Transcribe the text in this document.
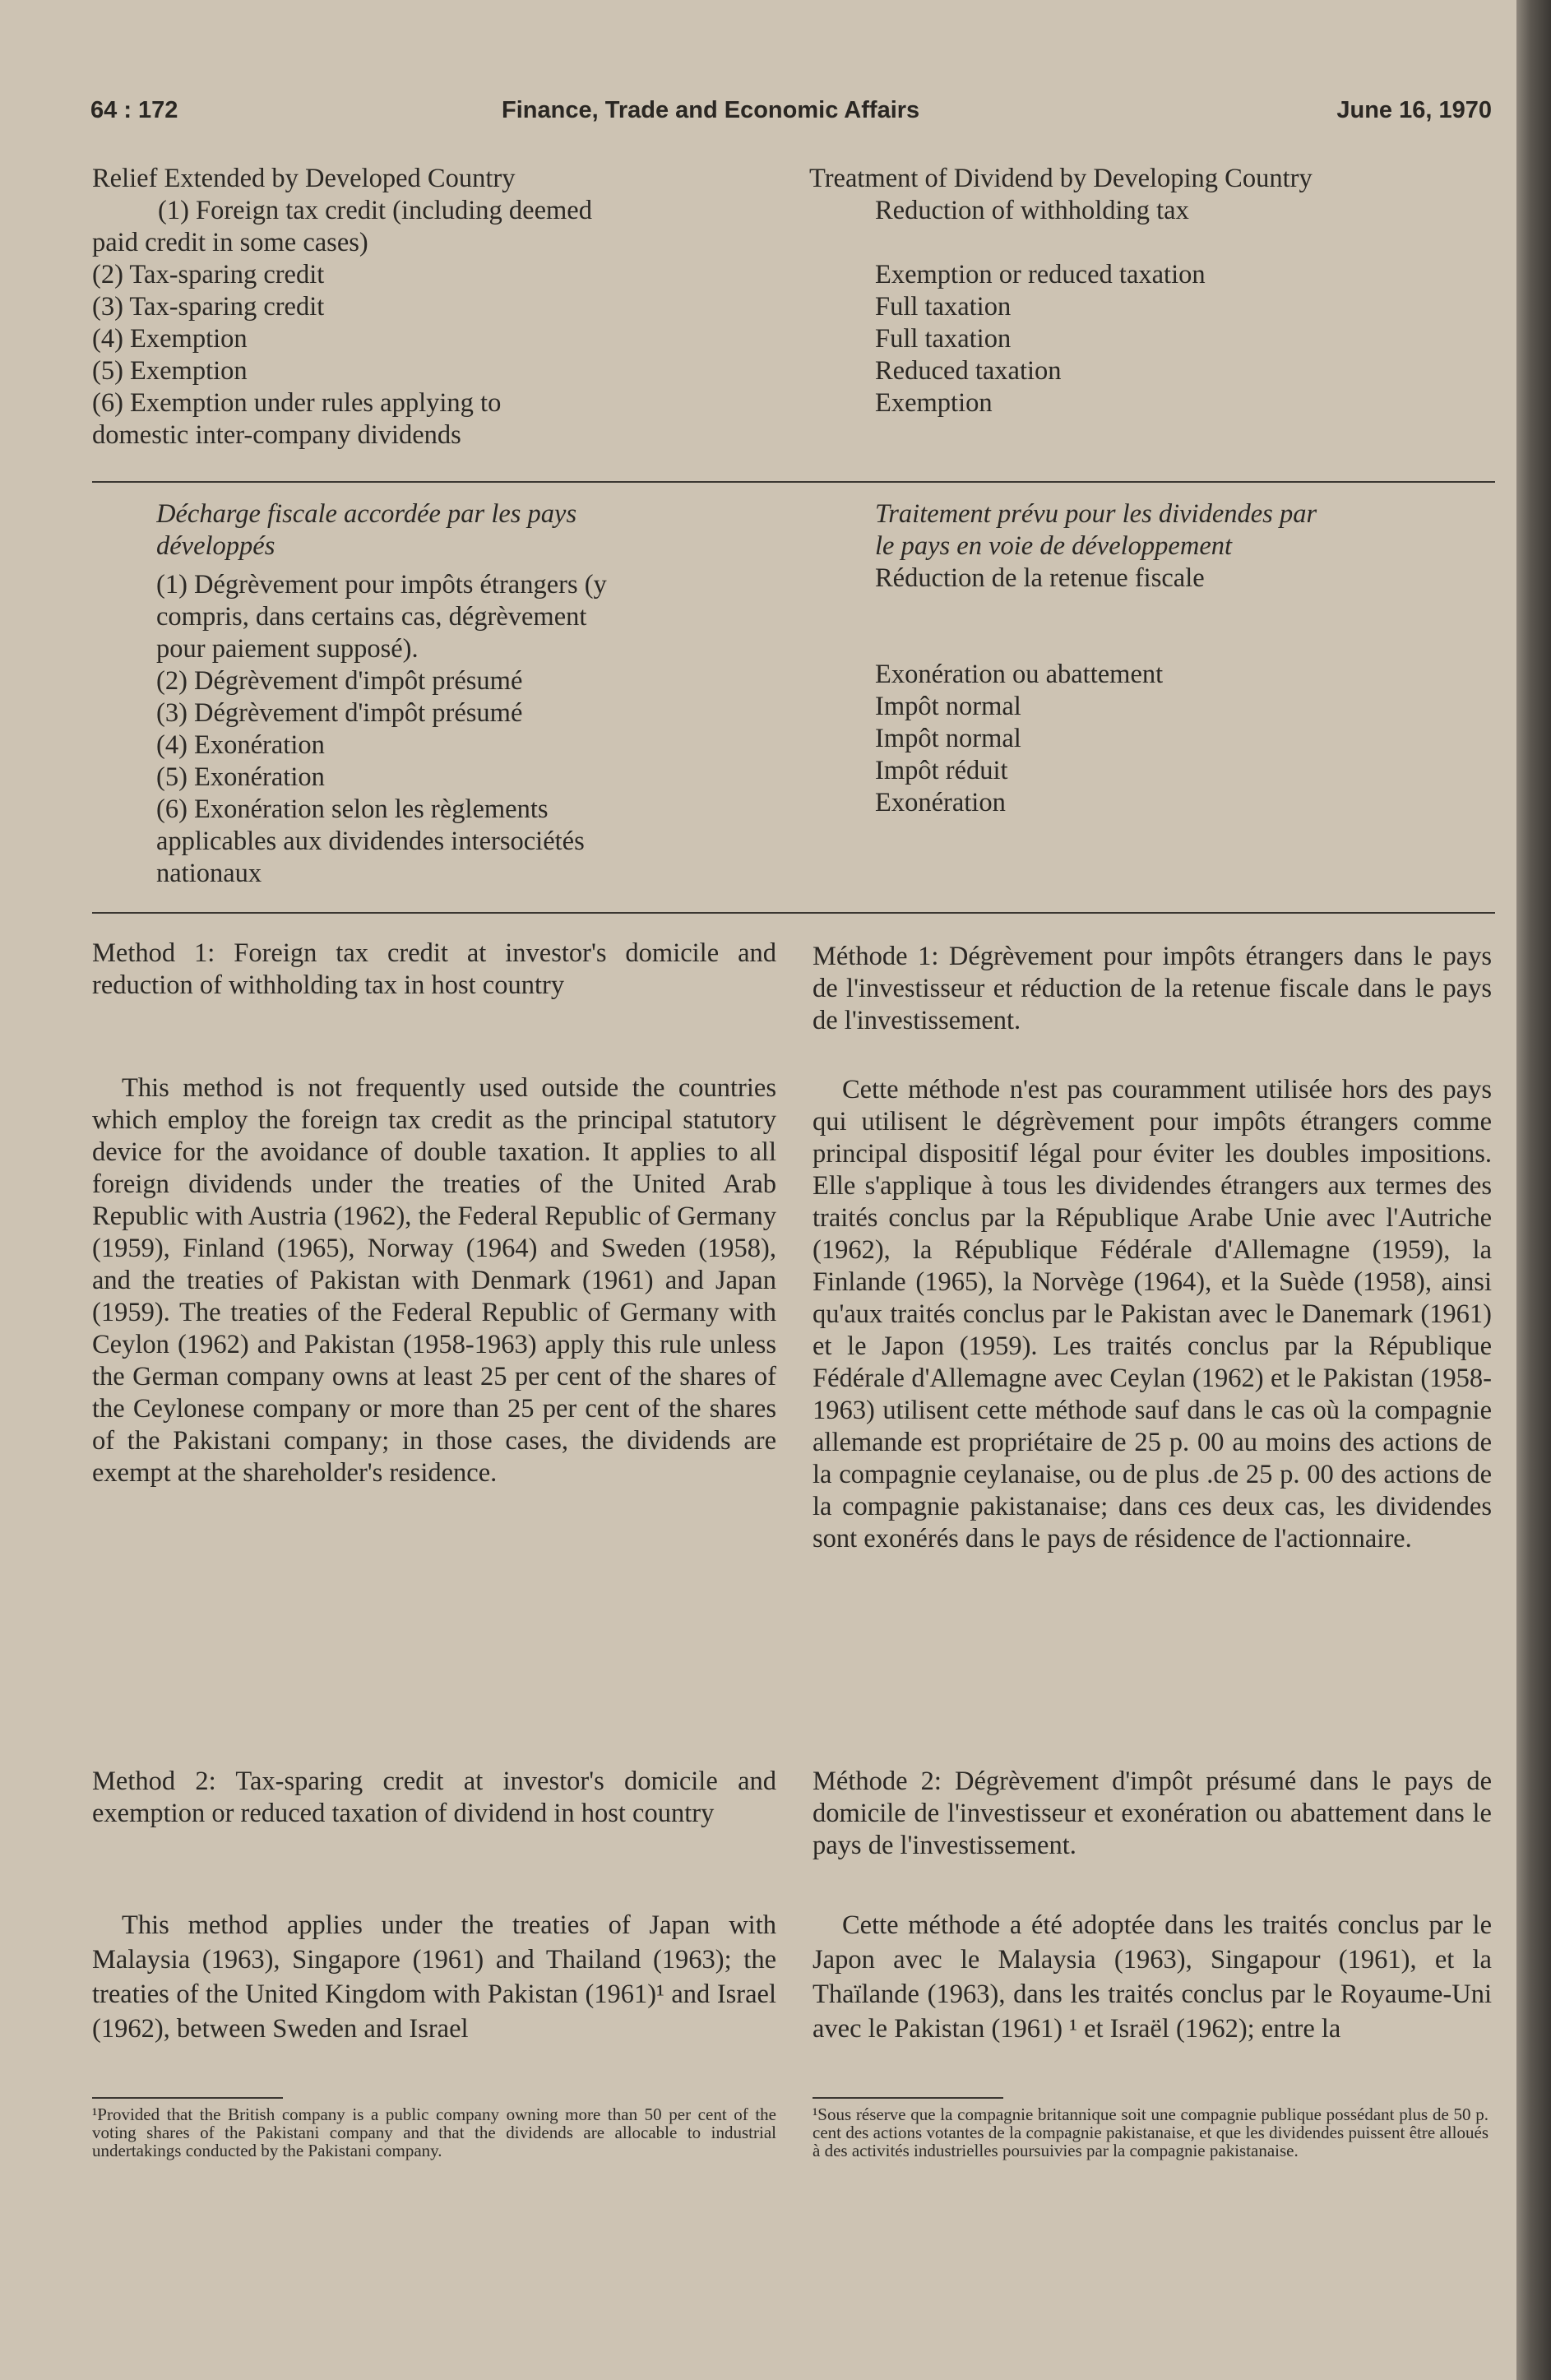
64 : 172	Finance, Trade and Economic Affairs	June 16, 1970
Relief Extended by Developed Country
(1) Foreign tax credit (including deemed
paid credit in some cases)
(2) Tax-sparing credit
(3) Tax-sparing credit
(4) Exemption
(5) Exemption
(6) Exemption under rules applying to
domestic inter-company dividends
Treatment of Dividend by Developing Country
Reduction of withholding tax
Exemption or reduced taxation
Full taxation
Full taxation
Reduced taxation
Exemption
Décharge fiscale accordée par les pays
développés
(1) Dégrèvement pour impôts étrangers (y
compris, dans certains cas, dégrèvement
pour paiement supposé).
(2) Dégrèvement d'impôt présumé
(3) Dégrèvement d'impôt présumé
(4) Exonération
(5) Exonération
(6) Exonération selon les règlements
applicables aux dividendes intersociétés
nationaux
Traitement prévu pour les dividendes par
le pays en voie de développement
Réduction de la retenue fiscale
Exonération ou abattement
Impôt normal
Impôt normal
Impôt réduit
Exonération
Method 1: Foreign tax credit at investor's domicile and reduction of withholding tax in host country
This method is not frequently used outside the countries which employ the foreign tax credit as the principal statutory device for the avoidance of double taxation. It applies to all foreign dividends under the treaties of the United Arab Republic with Austria (1962), the Federal Republic of Germany (1959), Finland (1965), Norway (1964) and Sweden (1958), and the treaties of Pakistan with Denmark (1961) and Japan (1959). The treaties of the Federal Republic of Germany with Ceylon (1962) and Pakistan (1958-1963) apply this rule unless the German company owns at least 25 per cent of the shares of the Ceylonese company or more than 25 per cent of the shares of the Pakistani company; in those cases, the dividends are exempt at the shareholder's residence.
Méthode 1: Dégrèvement pour impôts étrangers dans le pays de l'investisseur et réduction de la retenue fiscale dans le pays de l'investissement.
Cette méthode n'est pas couramment utilisée hors des pays qui utilisent le dégrèvement pour impôts étrangers comme principal dispositif légal pour éviter les doubles impositions. Elle s'applique à tous les dividendes étrangers aux termes des traités conclus par la République Arabe Unie avec l'Autriche (1962), la République Fédérale d'Allemagne (1959), la Finlande (1965), la Norvège (1964), et la Suède (1958), ainsi qu'aux traités conclus par le Pakistan avec le Danemark (1961) et le Japon (1959). Les traités conclus par la République Fédérale d'Allemagne avec Ceylan (1962) et le Pakistan (1958-1963) utilisent cette méthode sauf dans le cas où la compagnie allemande est propriétaire de 25 p. 00 au moins des actions de la compagnie ceylanaise, ou de plus .de 25 p. 00 des actions de la compagnie pakistanaise; dans ces deux cas, les dividendes sont exonérés dans le pays de résidence de l'actionnaire.
Method 2: Tax-sparing credit at investor's domicile and exemption or reduced taxation of dividend in host country
This method applies under the treaties of Japan with Malaysia (1963), Singapore (1961) and Thailand (1963); the treaties of the United Kingdom with Pakistan (1961)¹ and Israel (1962), between Sweden and Israel
Méthode 2: Dégrèvement d'impôt présumé dans le pays de domicile de l'investisseur et exonération ou abattement dans le pays de l'investissement.
Cette méthode a été adoptée dans les traités conclus par le Japon avec le Malaysia (1963), Singapour (1961), et la Thaïlande (1963), dans les traités conclus par le Royaume-Uni avec le Pakistan (1961) ¹ et Israël (1962); entre la
¹Provided that the British company is a public company owning more than 50 per cent of the voting shares of the Pakistani company and that the dividends are allocable to industrial undertakings conducted by the Pakistani company.
¹Sous réserve que la compagnie britannique soit une compagnie publique possédant plus de 50 p. cent des actions votantes de la compagnie pakistanaise, et que les dividendes puissent être alloués à des activités industrielles poursuivies par la compagnie pakistanaise.
